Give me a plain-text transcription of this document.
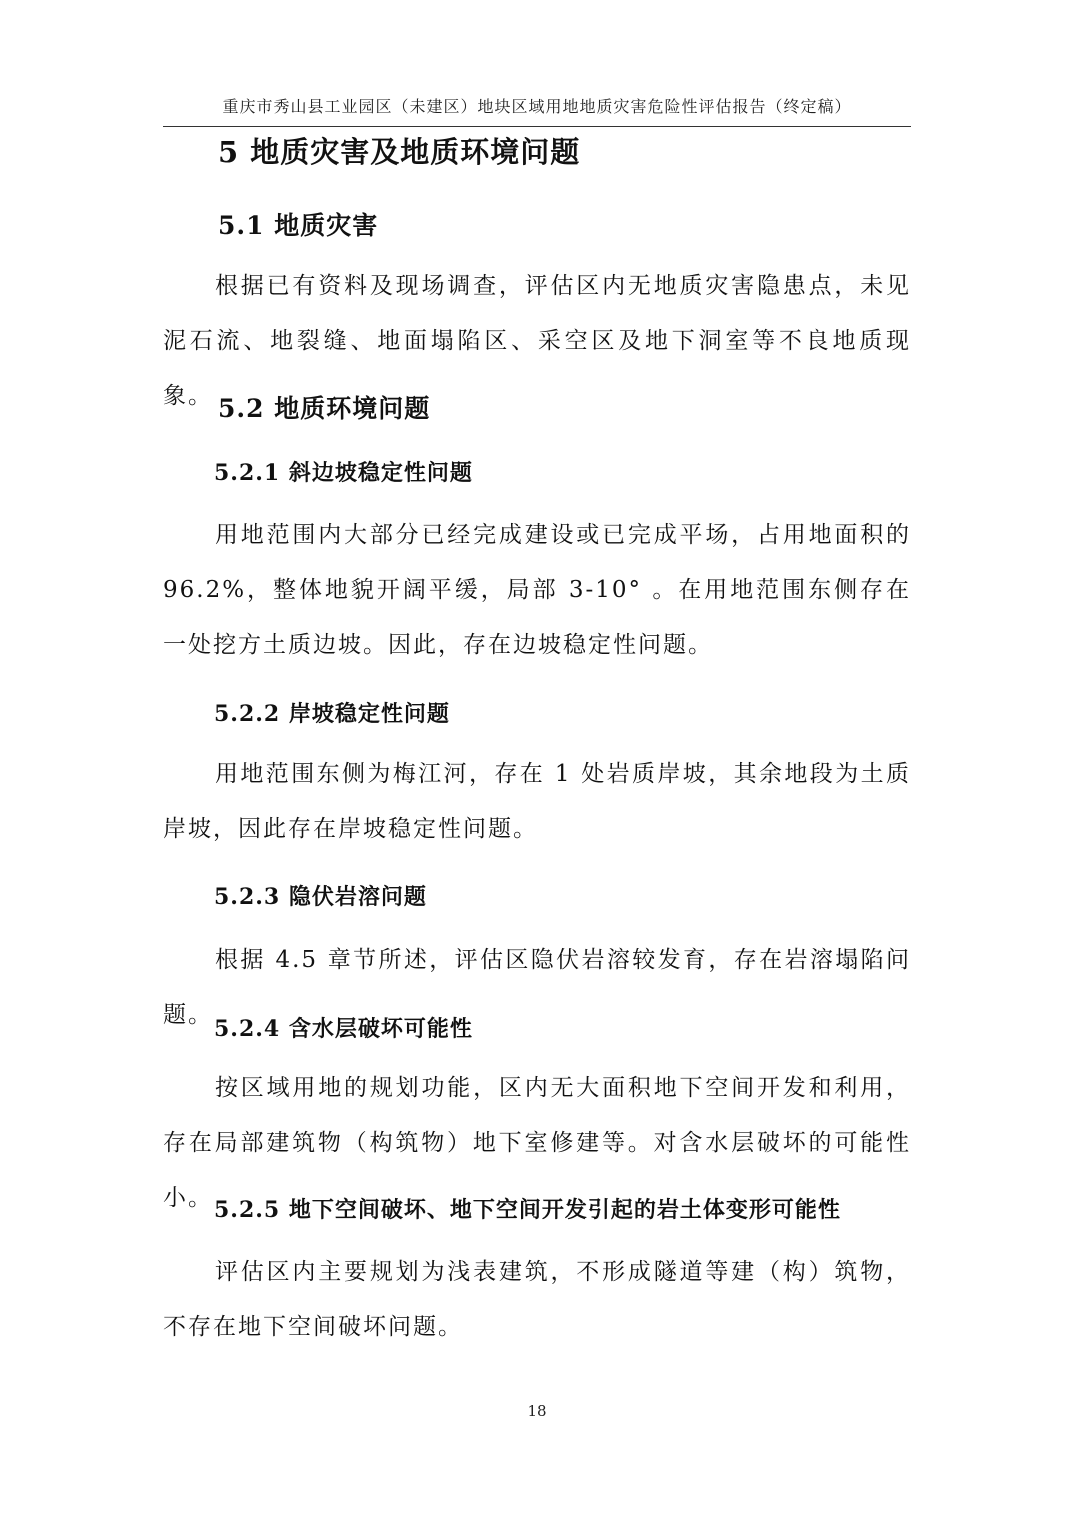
重庆市秀山县工业园区（未建区）地块区域用地地质灾害危险性评估报告（终定稿）
5 地质灾害及地质环境问题
5.1 地质灾害
根据已有资料及现场调查，评估区内无地质灾害隐患点，未见泥石流、地裂缝、地面塌陷区、采空区及地下洞室等不良地质现象。 5.2 地质环境问题
5.2.1 斜边坡稳定性问题
用地范围内大部分已经完成建设或已完成平场，占用地面积的96.2%，整体地貌开阔平缓，局部 3-10° 。在用地范围东侧存在一处挖方土质边坡。因此，存在边坡稳定性问题。
5.2.2 岸坡稳定性问题
用地范围东侧为梅江河，存在 1 处岩质岸坡，其余地段为土质岸坡，因此存在岸坡稳定性问题。
5.2.3 隐伏岩溶问题
根据 4.5 章节所述，评估区隐伏岩溶较发育，存在岩溶塌陷问题。
5.2.4 含水层破坏可能性
按区域用地的规划功能，区内无大面积地下空间开发和利用，存在局部建筑物（构筑物）地下室修建等。对含水层破坏的可能性小。 5.2.5 地下空间破坏、地下空间开发引起的岩土体变形可能性
评估区内主要规划为浅表建筑，不形成隧道等建（构）筑物，不存在地下空间破坏问题。
18
